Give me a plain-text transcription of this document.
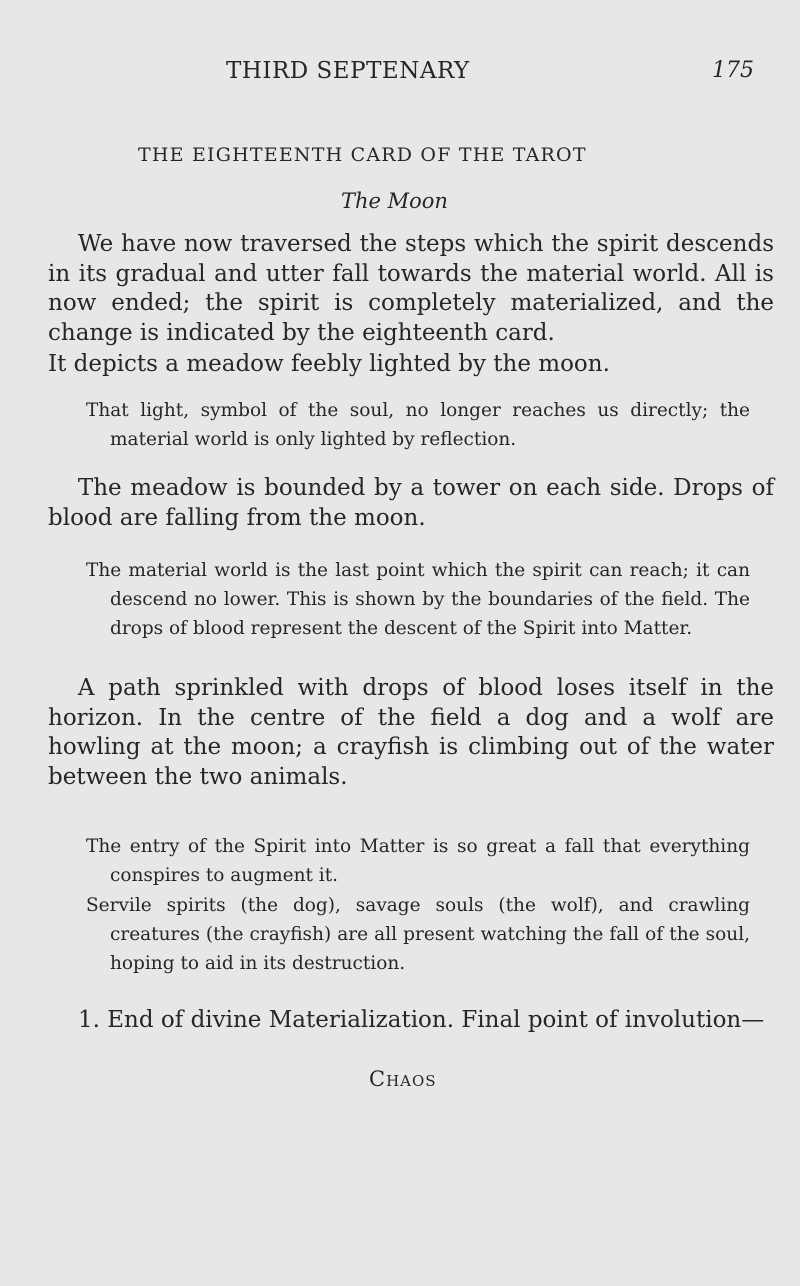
THIRD SEPTENARY	175
THE EIGHTEENTH CARD OF THE TAROT
The Moon

We have now traversed the steps which the spirit descends in its gradual and utter fall towards the material world. All is now ended; the spirit is completely materialized, and the change is indicated by the eighteenth card.

It depicts a meadow feebly lighted by the moon.

That light, symbol of the soul, no longer reaches us directly; the material world is only lighted by reflection.

The meadow is bounded by a tower on each side. Drops of blood are falling from the moon.

The material world is the last point which the spirit can reach; it can descend no lower. This is shown by the boundaries of the field. The drops of blood represent the descent of the Spirit into Matter.

A path sprinkled with drops of blood loses itself in the horizon. In the centre of the field a dog and a wolf are howling at the moon; a crayfish is climbing out of the water between the two animals.

The entry of the Spirit into Matter is so great a fall that everything conspires to augment it.

Servile spirits (the dog), savage souls (the wolf), and crawling creatures (the crayfish) are all present watching the fall of the soul, hoping to aid in its destruction.

1. End of divine Materialization. Final point of involution—

Chaos
